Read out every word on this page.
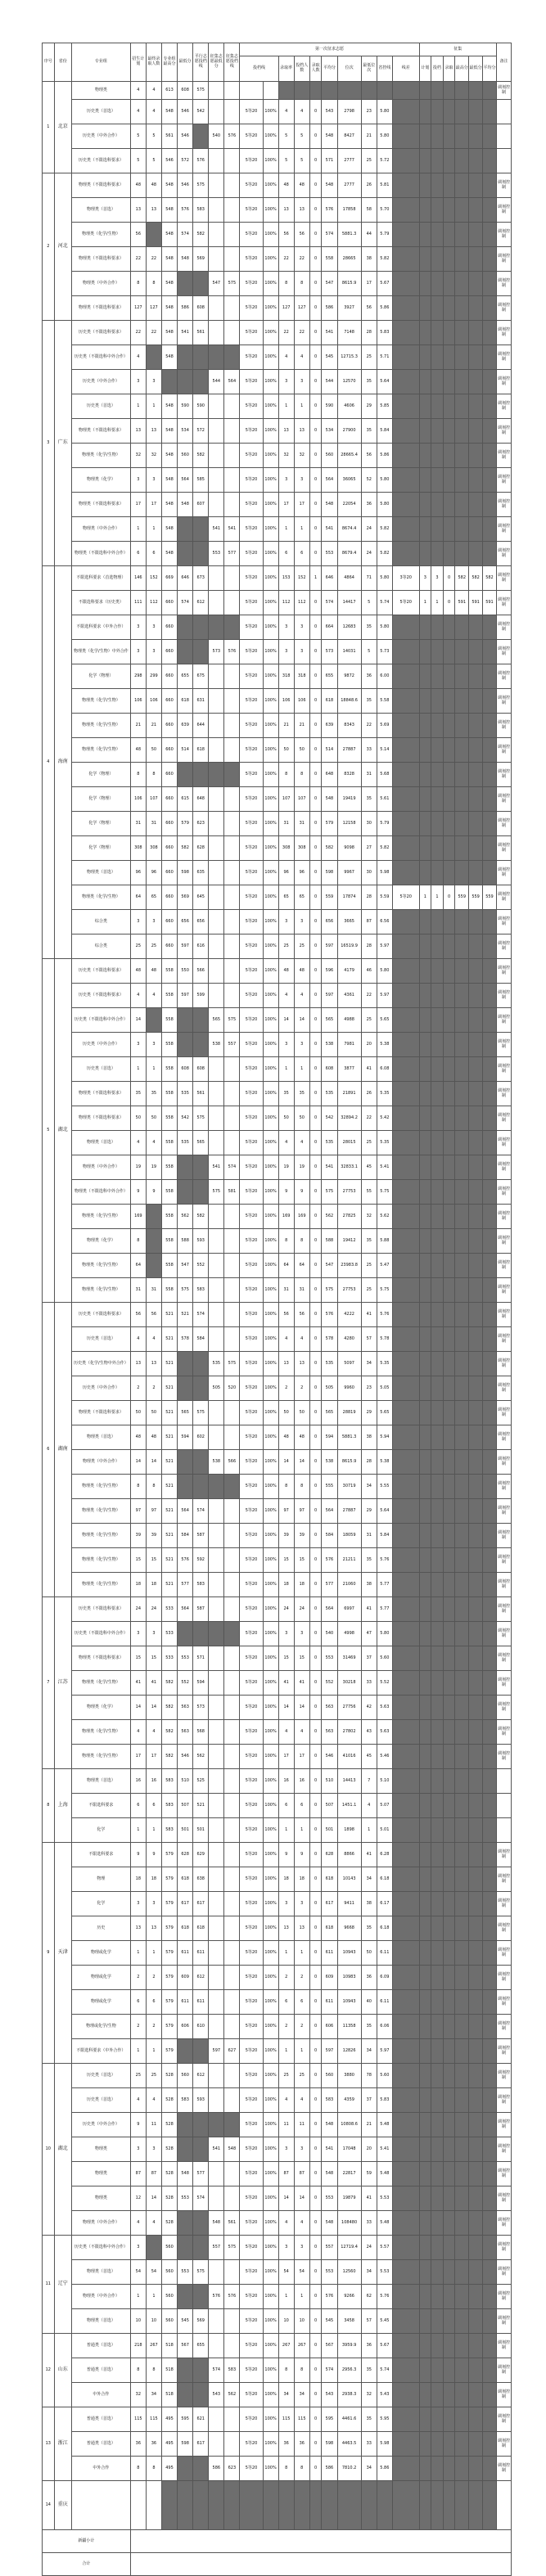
序号	省份	专业组	招生计划	最终录取人数	专业组最高分	最低分	平行志愿投档线	征集志愿最低分	征集志愿投档线	第一次征求志愿										征集						备注
										投档线		录取率	投档人数	录取人数	平均分	位次	最低位次	省控线	线差	计划	投档	录取	最高分	最低分	平均分	
1	北京	物理类	4	4	613	608	575																			调剂控制
		历史类（首选）	4	4	548	546	542			5等20	100%	4	4	0	543	2798	23	5.80								
		历史类（中外合作）	5	5	561	546		540	576	5等20	100%	5	5	0	548	8427	21	5.80								
		历史类（不限选科要求）	5	5	546	572	576			5等20	100%	5	5	0	571	2777	25	5.72								
2	河北	物理类（不限选科要求）	48	48	548	546	575			5等20	100%	48	48	0	548	2777	26	5.81								调剂控制
		物理类（首选）	13	13	548	576	583			5等20	100%	13	13	0	576	17858	58	5.70								调剂控制
		物理类（化学/生物）	56		548	574	582			5等20	100%	56	56	0	574	5881.3	44	5.79								调剂控制
		物理类（不限选科要求）	22	22	548	548	569			5等20	100%	22	22	0	558	28665	38	5.82								调剂控制
		物理类（中外合作）	8	8	548			547	575	5等20	100%	8	8	0	547	8615.9	17	5.67								调剂控制
		物理类（不限选科要求）	127	127	548	586	608			5等20	100%	127	127	0	586	3927	56	5.86								调剂控制
3	广东	历史类（不限选科要求）	22	22	548	541	561			5等20	100%	22	22	0	541	7148	28	5.83								调剂控制
		历史类（不限选科中外合作）	4		548					5等20	100%	4	4	0	545	12715.3	25	5.71								调剂控制
		历史类（中外合作）	3	3				544	564	5等20	100%	3	3	0	544	12570	35	5.64								调剂控制
		历史类（首选）	1	1	548	590	590			5等20	100%	1	1	0	590	4606	29	5.85								调剂控制
		物理类（不限选科要求）	13	13	548	534	572			5等20	100%	13	13	0	534	27900	35	5.84								调剂控制
		物理类（化学/生物）	32	32	548	560	582			5等20	100%	32	32	0	560	28665.4	56	5.86								调剂控制
		物理类（化学）	3	3	548	564	585			5等20	100%	3	3	0	564	36065	52	5.80								调剂控制
		物理类（不限选科要求）	17	17	548	548	607			5等20	100%	17	17	0	548	22054	36	5.80								调剂控制
		物理类（中外合作）	1	1	548			541	541	5等20	100%	1	1	0	541	8674.4	24	5.82								调剂控制
		物理类（不限选科中外合作）	6	6	548			553	577	5等20	100%	6	6	0	553	8679.4	24	5.82								调剂控制
4	海南	不限选科要求（首选物理）	146	152	669	646	673			5等20	100%	153	152	1	646	4864	71	5.80	3等20	3	3	0	582	582	582	调剂控制
		不限选科要求（历史类）	111	112	660	574	612			5等20	100%	112	112	0	574	14417	5	5.74	5等20	1	1	0	591	591	591	调剂控制
		不限选科要求（中外合作）	3	3	660					5等20	100%	3	3	0	664	12683	35	5.80								调剂控制
		物理类（化学/生物）中外合作	3	3	660			573	576	5等20	100%	3	3	0	573	14031	5	5.73								调剂控制
		化学（物理）	298	299	660	655	675			5等20	100%	318	318	0	655	9872	36	6.00								调剂控制
		物理类（化学/生物）	106	106	660	618	631			5等20	100%	106	106	0	618	18848.6	35	5.58								调剂控制
		物理类（化学/生物）	21	21	660	639	644			5等20	100%	21	21	0	639	8343	22	5.69								调剂控制
		物理类（化学/生物）	48	50	660	514	618			5等20	100%	50	50	0	514	27887	33	5.14								调剂控制
		化学（物理）	8	8	660					5等20	100%	8	8	0	648	8328	31	5.68								调剂控制
		化学（物理）	106	107	660	615	648			5等20	100%	107	107	0	548	19419	35	5.61								调剂控制
		化学（物理）	31	31	660	579	623			5等20	100%	31	31	0	579	12158	30	5.79								调剂控制
		化学（物理）	308	308	660	582	628			5等20	100%	308	308	0	582	9098	27	5.82								调剂控制
		物理类（首选）	96	96	660	598	635			5等20	100%	96	96	0	598	9967	30	5.98								调剂控制
		物理类（化学/生物）	64	65	660	569	645			5等20	100%	65	65	0	559	17874	28	5.59	5等20	1	1	0	559	559	559	调剂控制
		综合类	3	3	660	656	656			5等20	100%	3	3	0	656	3665	87	6.56								调剂控制
		综合类	25	25	660	597	616			5等20	100%	25	25	0	597	16519.9	28	5.97								调剂控制
5	湖北	历史类（不限选科要求）	48	48	558	550	566			5等20	100%	48	48	0	596	4179	46	5.80								调剂控制
		历史类（不限选科要求）	4	4	558	597	599			5等20	100%	4	4	0	597	4361	22	5.97								调剂控制
		历史类（不限选科中外合作）	14		558			565	575	5等20	100%	14	14	0	565	4988	25	5.65								调剂控制
		历史类（中外合作）	3	3	558			538	557	5等20	100%	3	3	0	538	7981	20	5.38								调剂控制
		历史类（首选）	1	1	558	608	608			5等20	100%	1	1	0	608	3877	41	6.08								调剂控制
		物理类（不限选科要求）	35	35	558	535	561			5等20	100%	35	35	0	535	21891	26	5.35								调剂控制
		物理类（不限选科要求）	50	50	558	542	575			5等20	100%	50	50	0	542	32894.2	22	5.42								调剂控制
		物理类（首选）	4	4	558	535	565			5等20	100%	4	4	0	535	28015	25	5.35								调剂控制
		物理类（中外合作）	19	19	558			541	574	5等20	100%	19	19	0	541	32833.1	45	5.41								调剂控制
		物理类（不限选科中外合作）	9	9	558			575	581	5等20	100%	9	9	0	575	27753	55	5.75								调剂控制
		物理类（化学/生物）	169		558	562	582			5等20	100%	169	169	0	562	27825	32	5.62								调剂控制
		物理类（化学）	8		558	588	593			5等20	100%	8	8	0	588	19412	35	5.88								调剂控制
		物理类（化学/生物）	64		558	547	552			5等20	100%	64	64	0	547	23983.8	25	5.47								调剂控制
		物理类（化学/生物）	31	31	558	575	583			5等20	100%	31	31	0	575	27753	25	5.75								调剂控制
6	湖南	历史类（不限选科要求）	56	56	521	521	574			5等20	100%	56	56	0	576	4222	41	5.76								调剂控制
		历史类（首选）	4	4	521	578	584			5等20	100%	4	4	0	578	4280	57	5.78								调剂控制
		历史类（化学/生物中外合作）	13	13	521			535	575	5等20	100%	13	13	0	535	5097	34	5.35								调剂控制
		历史类（中外合作）	2	2	521			505	520	5等20	100%	2	2	0	505	9960	23	5.05								调剂控制
		物理类（不限选科要求）	50	50	521	565	575			5等20	100%	50	50	0	565	28819	29	5.65								调剂控制
		物理类（首选）	48	48	521	594	602			5等20	100%	48	48	0	594	5881.3	38	5.94								调剂控制
		物理类（中外合作）	14	14	521			538	566	5等20	100%	14	14	0	538	8615.9	28	5.38								调剂控制
		物理类（化学/生物）	8	8	521					5等20	100%	8	8	0	555	30719	34	5.55								调剂控制
		物理类（化学/生物）	97	97	521	564	574			5等20	100%	97	97	0	564	27887	29	5.64								调剂控制
		物理类（化学/生物）	39	39	521	584	587			5等20	100%	39	39	0	584	18059	31	5.84								调剂控制
		物理类（化学/生物）	15	15	521	576	592			5等20	100%	15	15	0	576	21211	35	5.76								调剂控制
		物理类（化学/生物）	18	18	521	577	583			5等20	100%	18	18	0	577	21060	38	5.77								调剂控制
7	江苏	历史类（不限选科要求）	24	24	533	564	587			5等20	100%	24	24	0	564	6997	41	5.77								调剂控制
		历史类（不限选科中外合作）	3	3	533					5等20	100%	3	3	0	540	4998	47	5.80								调剂控制
		物理类（不限选科要求）	15	15	533	553	571			5等20	100%	15	15	0	553	31469	37	5.60								调剂控制
		物理类（化学/生物）	41	41	582	552	594			5等20	100%	41	41	0	552	30218	33	5.52								调剂控制
		物理类（化学）	14	14	582	563	573			5等20	100%	14	14	0	563	27756	42	5.63								调剂控制
		物理类（化学/生物）	4	4	582	563	568			5等20	100%	4	4	0	563	27802	43	5.63								调剂控制
		物理类（化学/生物）	17	17	582	546	562			5等20	100%	17	17	0	546	41016	45	5.46								调剂控制
8	上海	物理类（首选）	16	16	583	510	525			5等20	100%	16	16	0	510	14413	7	5.10								
		不限选科要求	6	6	583	507	521			5等20	100%	6	6	0	507	1451.1	4	5.07								
		化学	1	1	583	501	501			5等20	100%	1	1	0	501	1898	1	5.01								
9	天津	不限选科要求	9	9	579	628	629			5等20	100%	9	9	0	628	8866	41	6.28								调剂控制
		物理	18	18	579	618	638			5等20	100%	18	18	0	618	10143	34	6.18								调剂控制
		化学	3	3	579	617	617			5等20	100%	3	3	0	617	9411	38	6.17								调剂控制
		历史	13	13	579	618	618			5等20	100%	13	13	0	618	9668	35	6.18								调剂控制
		物理或化学	1	1	579	611	611			5等20	100%	1	1	0	611	10943	50	6.11								调剂控制
		物理或化学	2	2	579	609	612			5等20	100%	2	2	0	609	10983	36	6.09								调剂控制
		物理或化学	6	6	579	611	611			5等20	100%	6	6	0	611	10943	40	6.11								调剂控制
		物理或化学/生物	2	2	579	606	610			5等20	100%	2	2	0	606	11358	35	6.06								调剂控制
		不限选科要求（中外合作）	1	1	579			597	627	5等20	100%	1	1	0	597	12826	34	5.97								调剂控制
10	湖北	历史类（首选）	25	25	528	560	612			5等20	100%	25	25	0	560	3880	78	5.60								调剂控制
		历史类（首选）	4	4	528	583	593			5等20	100%	4	4	0	583	4359	37	5.83								调剂控制
		历史类（中外合作）	9	11	528					5等20	100%	11	11	0	548	10808.6	21	5.48								调剂控制
		物理类	3	3	528			541	548	5等20	100%	3	3	0	541	17048	20	5.41								调剂控制
		物理类	87	87	528	548	577			5等20	100%	87	87	0	548	22817	59	5.48								调剂控制
		物理类	12	14	528	553	574			5等20	100%	14	14	0	553	19879	41	5.53								调剂控制
		物理类（中外合作）	4	4	528			548	561	5等20	100%	4	4	0	548	108480	33	5.48								调剂控制
11	辽宁	历史类（不限选科中外合作）	3		560			557	575	5等20	100%	3	3	0	557	12719.4	24	5.57								调剂控制
		物理类（首选）	54	54	560	553	575			5等20	100%	54	54	0	553	12560	34	5.53								调剂控制
		物理类（中外合作）	1	1	560			576	576	5等20	100%	1	1	0	576	9266	62	5.76								调剂控制
		物理类（首选）	10	10	560	545	569			5等20	100%	10	10	0	545	3458	57	5.45								调剂控制
12	山东	普通类（首选）	218	267	518	567	655			5等20	100%	267	267	0	567	3959.9	36	5.67								调剂控制
		普通类（首选）	8	8	518			574	583	5等20	100%	8	8	0	574	2956.3	35	5.74								调剂控制
		中外合作	32	34	518			543	562	5等20	100%	34	34	0	543	2938.3	32	5.43								调剂控制
13	浙江	普通类（首选）	115	115	495	595	621			5等20	100%	115	115	0	595	4461.6	35	5.95								调剂控制
		普通类（首选）	36	36	495	598	617			5等20	100%	36	36	0	598	4463.5	33	5.98								调剂控制
		中外合作	8	8	495			586	623	5等20	100%	8	8	0	586	7810.2	34	5.86								调剂控制
14	重庆																									
新疆小计																										
合计																										
